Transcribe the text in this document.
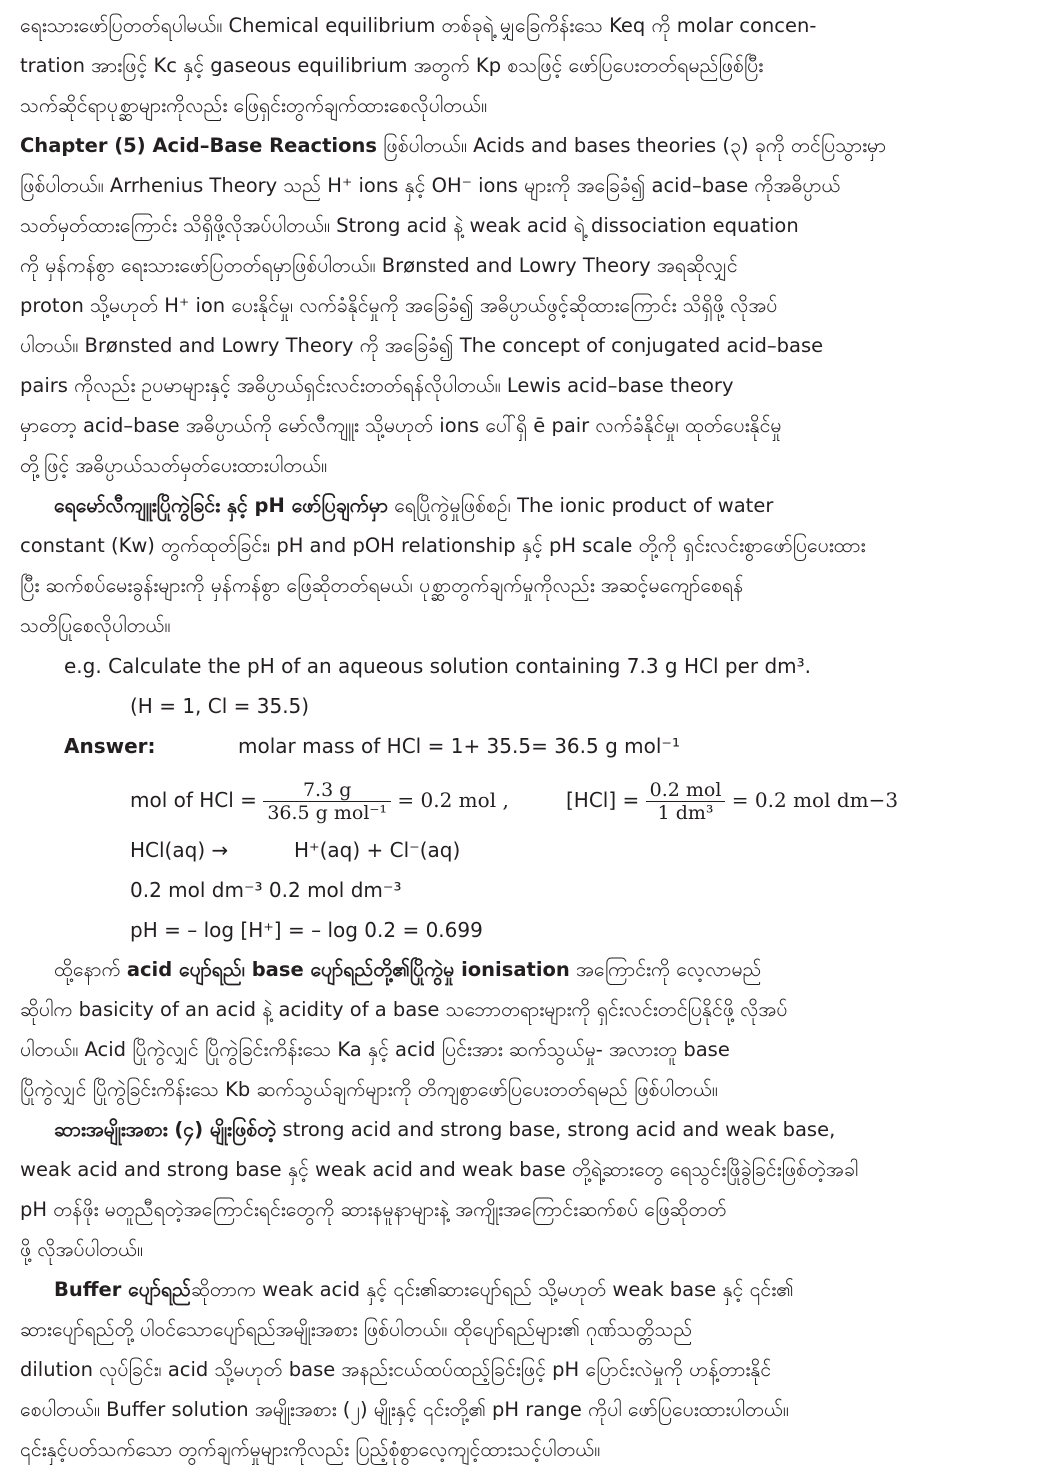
ရေးသားဖော်ပြတတ်ရပါမယ်။ Chemical equilibrium တစ်ခုရဲ့ မျှခြေကိန်းသေ Keq ကို molar concen-
tration အားဖြင့် Kc နှင့် gaseous equilibrium အတွက် Kp စသဖြင့် ဖော်ပြပေးတတ်ရမည်ဖြစ်ပြီး
သက်ဆိုင်ရာပုစ္ဆာများကိုလည်း ဖြေရှင်းတွက်ချက်ထားစေလိုပါတယ်။
Chapter (5) Acid–Base Reactions ဖြစ်ပါတယ်။ Acids and bases theories (၃) ခုကို တင်ပြသွားမှာ
ဖြစ်ပါတယ်။ Arrhenius Theory သည် H⁺ ions နှင့် OH⁻ ions များကို အခြေခံ၍ acid–base ကိုအဓိပ္ပာယ်
သတ်မှတ်ထားကြောင်း သိရှိဖို့လိုအပ်ပါတယ်။ Strong acid နဲ့ weak acid ရဲ့ dissociation equation
ကို မှန်ကန်စွာ ရေးသားဖော်ပြတတ်ရမှာဖြစ်ပါတယ်။ Brønsted and Lowry Theory အရဆိုလျှင်
proton သို့မဟုတ် H⁺ ion ပေးနိုင်မှု၊ လက်ခံနိုင်မှုကို အခြေခံ၍ အဓိပ္ပာယ်ဖွင့်ဆိုထားကြောင်း သိရှိဖို့ လိုအပ်
ပါတယ်။ Brønsted and Lowry Theory ကို အခြေခံ၍ The concept of conjugated acid–base
pairs ကိုလည်း ဥပမာများနှင့် အဓိပ္ပာယ်ရှင်းလင်းတတ်ရန်လိုပါတယ်။ Lewis acid–base theory
မှာတော့ acid–base အဓိပ္ပာယ်ကို မော်လီကျူး သို့မဟုတ် ions ပေါ်ရှိ ē pair လက်ခံနိုင်မှု၊ ထုတ်ပေးနိုင်မှု
တို့ဖြင့် အဓိပ္ပာယ်သတ်မှတ်ပေးထားပါတယ်။
ရေမော်လီကျူးပြိုကွဲခြင်း နှင့် pH ဖော်ပြချက်မှာ ရေပြိုကွဲမှုဖြစ်စဉ်၊ The ionic product of water
constant (Kw) တွက်ထုတ်ခြင်း၊ pH and pOH relationship နှင့် pH scale တို့ကို ရှင်းလင်းစွာဖော်ပြပေးထား
ပြီး ဆက်စပ်မေးခွန်းများကို မှန်ကန်စွာ ဖြေဆိုတတ်ရမယ်၊ ပုစ္ဆာတွက်ချက်မှုကိုလည်း အဆင့်မကျော်စေရန်
သတိပြုစေလိုပါတယ်။
e.g. Calculate the pH of an aqueous solution containing 7.3 g HCl per dm³.
(H = 1, Cl = 35.5)
Answer:	molar mass of HCl = 1+ 35.5= 36.5 g mol⁻¹
mol of HCl = $\frac{7.3 g}{\text{36.5 g mol⁻¹}} = 0.2$ mol ,	$[HCl] = \frac{\text{0.2 mol}}{\text{1 dm³}} = 0.2$ mol dm−3
HCl(aq) →	H⁺(aq) + Cl⁻(aq)
0.2 mol dm⁻³ 0.2 mol dm⁻³
pH = – log [H⁺] = – log 0.2 = 0.699
ထို့နောက် acid ပျော်ရည်၊ base ပျော်ရည်တို့၏ပြိုကွဲမှု ionisation အကြောင်းကို လေ့လာမည်
ဆိုပါက basicity of an acid နဲ့ acidity of a base သဘောတရားများကို ရှင်းလင်းတင်ပြနိုင်ဖို့ လိုအပ်
ပါတယ်။ Acid ပြိုကွဲလျှင် ပြိုကွဲခြင်းကိန်းသေ Ka နှင့် acid ပြင်းအား ဆက်သွယ်မှု- အလားတူ base
ပြိုကွဲလျှင် ပြိုကွဲခြင်းကိန်းသေ Kb ဆက်သွယ်ချက်များကို တိကျစွာဖော်ပြပေးတတ်ရမည် ဖြစ်ပါတယ်။
ဆားအမျိုးအစား (၄) မျိုးဖြစ်တဲ့ strong acid and strong base, strong acid and weak base,
weak acid and strong base နှင့် weak acid and weak base တို့ရဲ့ဆားတွေ ရေသွင်းဖြိုခွဲခြင်းဖြစ်တဲ့အခါ
pH တန်ဖိုး မတူညီရတဲ့အကြောင်းရင်းတွေကို ဆားနမူနာများနဲ့ အကျိုးအကြောင်းဆက်စပ် ဖြေဆိုတတ်
ဖို့ လိုအပ်ပါတယ်။
Buffer ပျော်ရည်ဆိုတာက weak acid နှင့် ၎င်း၏ဆားပျော်ရည် သို့မဟုတ် weak base နှင့် ၎င်း၏
ဆားပျော်ရည်တို့ ပါဝင်သောပျော်ရည်အမျိုးအစား ဖြစ်ပါတယ်။ ထိုပျော်ရည်များ၏ ဂုဏ်သတ္တိသည်
dilution လုပ်ခြင်း၊ acid သို့မဟုတ် base အနည်းငယ်ထပ်ထည့်ခြင်းဖြင့် pH ပြောင်းလဲမှုကို ဟန့်တားနိုင်
စေပါတယ်။ Buffer solution အမျိုးအစား (၂) မျိုးနှင့် ၎င်းတို့၏ pH range ကိုပါ ဖော်ပြပေးထားပါတယ်။
၎င်းနှင့်ပတ်သက်သော တွက်ချက်မှုများကိုလည်း ပြည့်စုံစွာလေ့ကျင့်ထားသင့်ပါတယ်။
